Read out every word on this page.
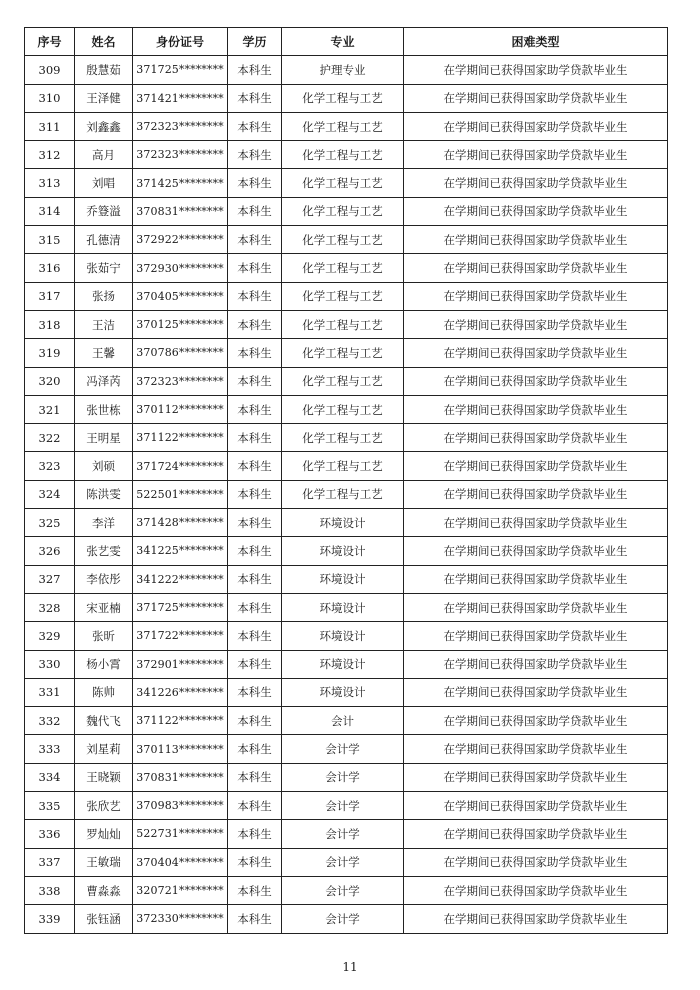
序号	姓名	身份证号	学历	专业	困难类型
309	殷慧茹	371725********	本科生	护理专业	在学期间已获得国家助学贷款毕业生
310	王泽健	371421********	本科生	化学工程与工艺	在学期间已获得国家助学贷款毕业生
311	刘鑫鑫	372323********	本科生	化学工程与工艺	在学期间已获得国家助学贷款毕业生
312	高月	372323********	本科生	化学工程与工艺	在学期间已获得国家助学贷款毕业生
313	刘唱	371425********	本科生	化学工程与工艺	在学期间已获得国家助学贷款毕业生
314	乔簦溢	370831********	本科生	化学工程与工艺	在学期间已获得国家助学贷款毕业生
315	孔德清	372922********	本科生	化学工程与工艺	在学期间已获得国家助学贷款毕业生
316	张茹宁	372930********	本科生	化学工程与工艺	在学期间已获得国家助学贷款毕业生
317	张扬	370405********	本科生	化学工程与工艺	在学期间已获得国家助学贷款毕业生
318	王洁	370125********	本科生	化学工程与工艺	在学期间已获得国家助学贷款毕业生
319	王馨	370786********	本科生	化学工程与工艺	在学期间已获得国家助学贷款毕业生
320	冯泽芮	372323********	本科生	化学工程与工艺	在学期间已获得国家助学贷款毕业生
321	张世栋	370112********	本科生	化学工程与工艺	在学期间已获得国家助学贷款毕业生
322	王明星	371122********	本科生	化学工程与工艺	在学期间已获得国家助学贷款毕业生
323	刘硕	371724********	本科生	化学工程与工艺	在学期间已获得国家助学贷款毕业生
324	陈洪雯	522501********	本科生	化学工程与工艺	在学期间已获得国家助学贷款毕业生
325	李洋	371428********	本科生	环境设计	在学期间已获得国家助学贷款毕业生
326	张艺雯	341225********	本科生	环境设计	在学期间已获得国家助学贷款毕业生
327	李依彤	341222********	本科生	环境设计	在学期间已获得国家助学贷款毕业生
328	宋亚楠	371725********	本科生	环境设计	在学期间已获得国家助学贷款毕业生
329	张昕	371722********	本科生	环境设计	在学期间已获得国家助学贷款毕业生
330	杨小霄	372901********	本科生	环境设计	在学期间已获得国家助学贷款毕业生
331	陈帅	341226********	本科生	环境设计	在学期间已获得国家助学贷款毕业生
332	魏代飞	371122********	本科生	会计	在学期间已获得国家助学贷款毕业生
333	刘星莉	370113********	本科生	会计学	在学期间已获得国家助学贷款毕业生
334	王晓颖	370831********	本科生	会计学	在学期间已获得国家助学贷款毕业生
335	张欣艺	370983********	本科生	会计学	在学期间已获得国家助学贷款毕业生
336	罗灿灿	522731********	本科生	会计学	在学期间已获得国家助学贷款毕业生
337	王敏瑞	370404********	本科生	会计学	在学期间已获得国家助学贷款毕业生
338	曹淼淼	320721********	本科生	会计学	在学期间已获得国家助学贷款毕业生
339	张钰涵	372330********	本科生	会计学	在学期间已获得国家助学贷款毕业生
11
